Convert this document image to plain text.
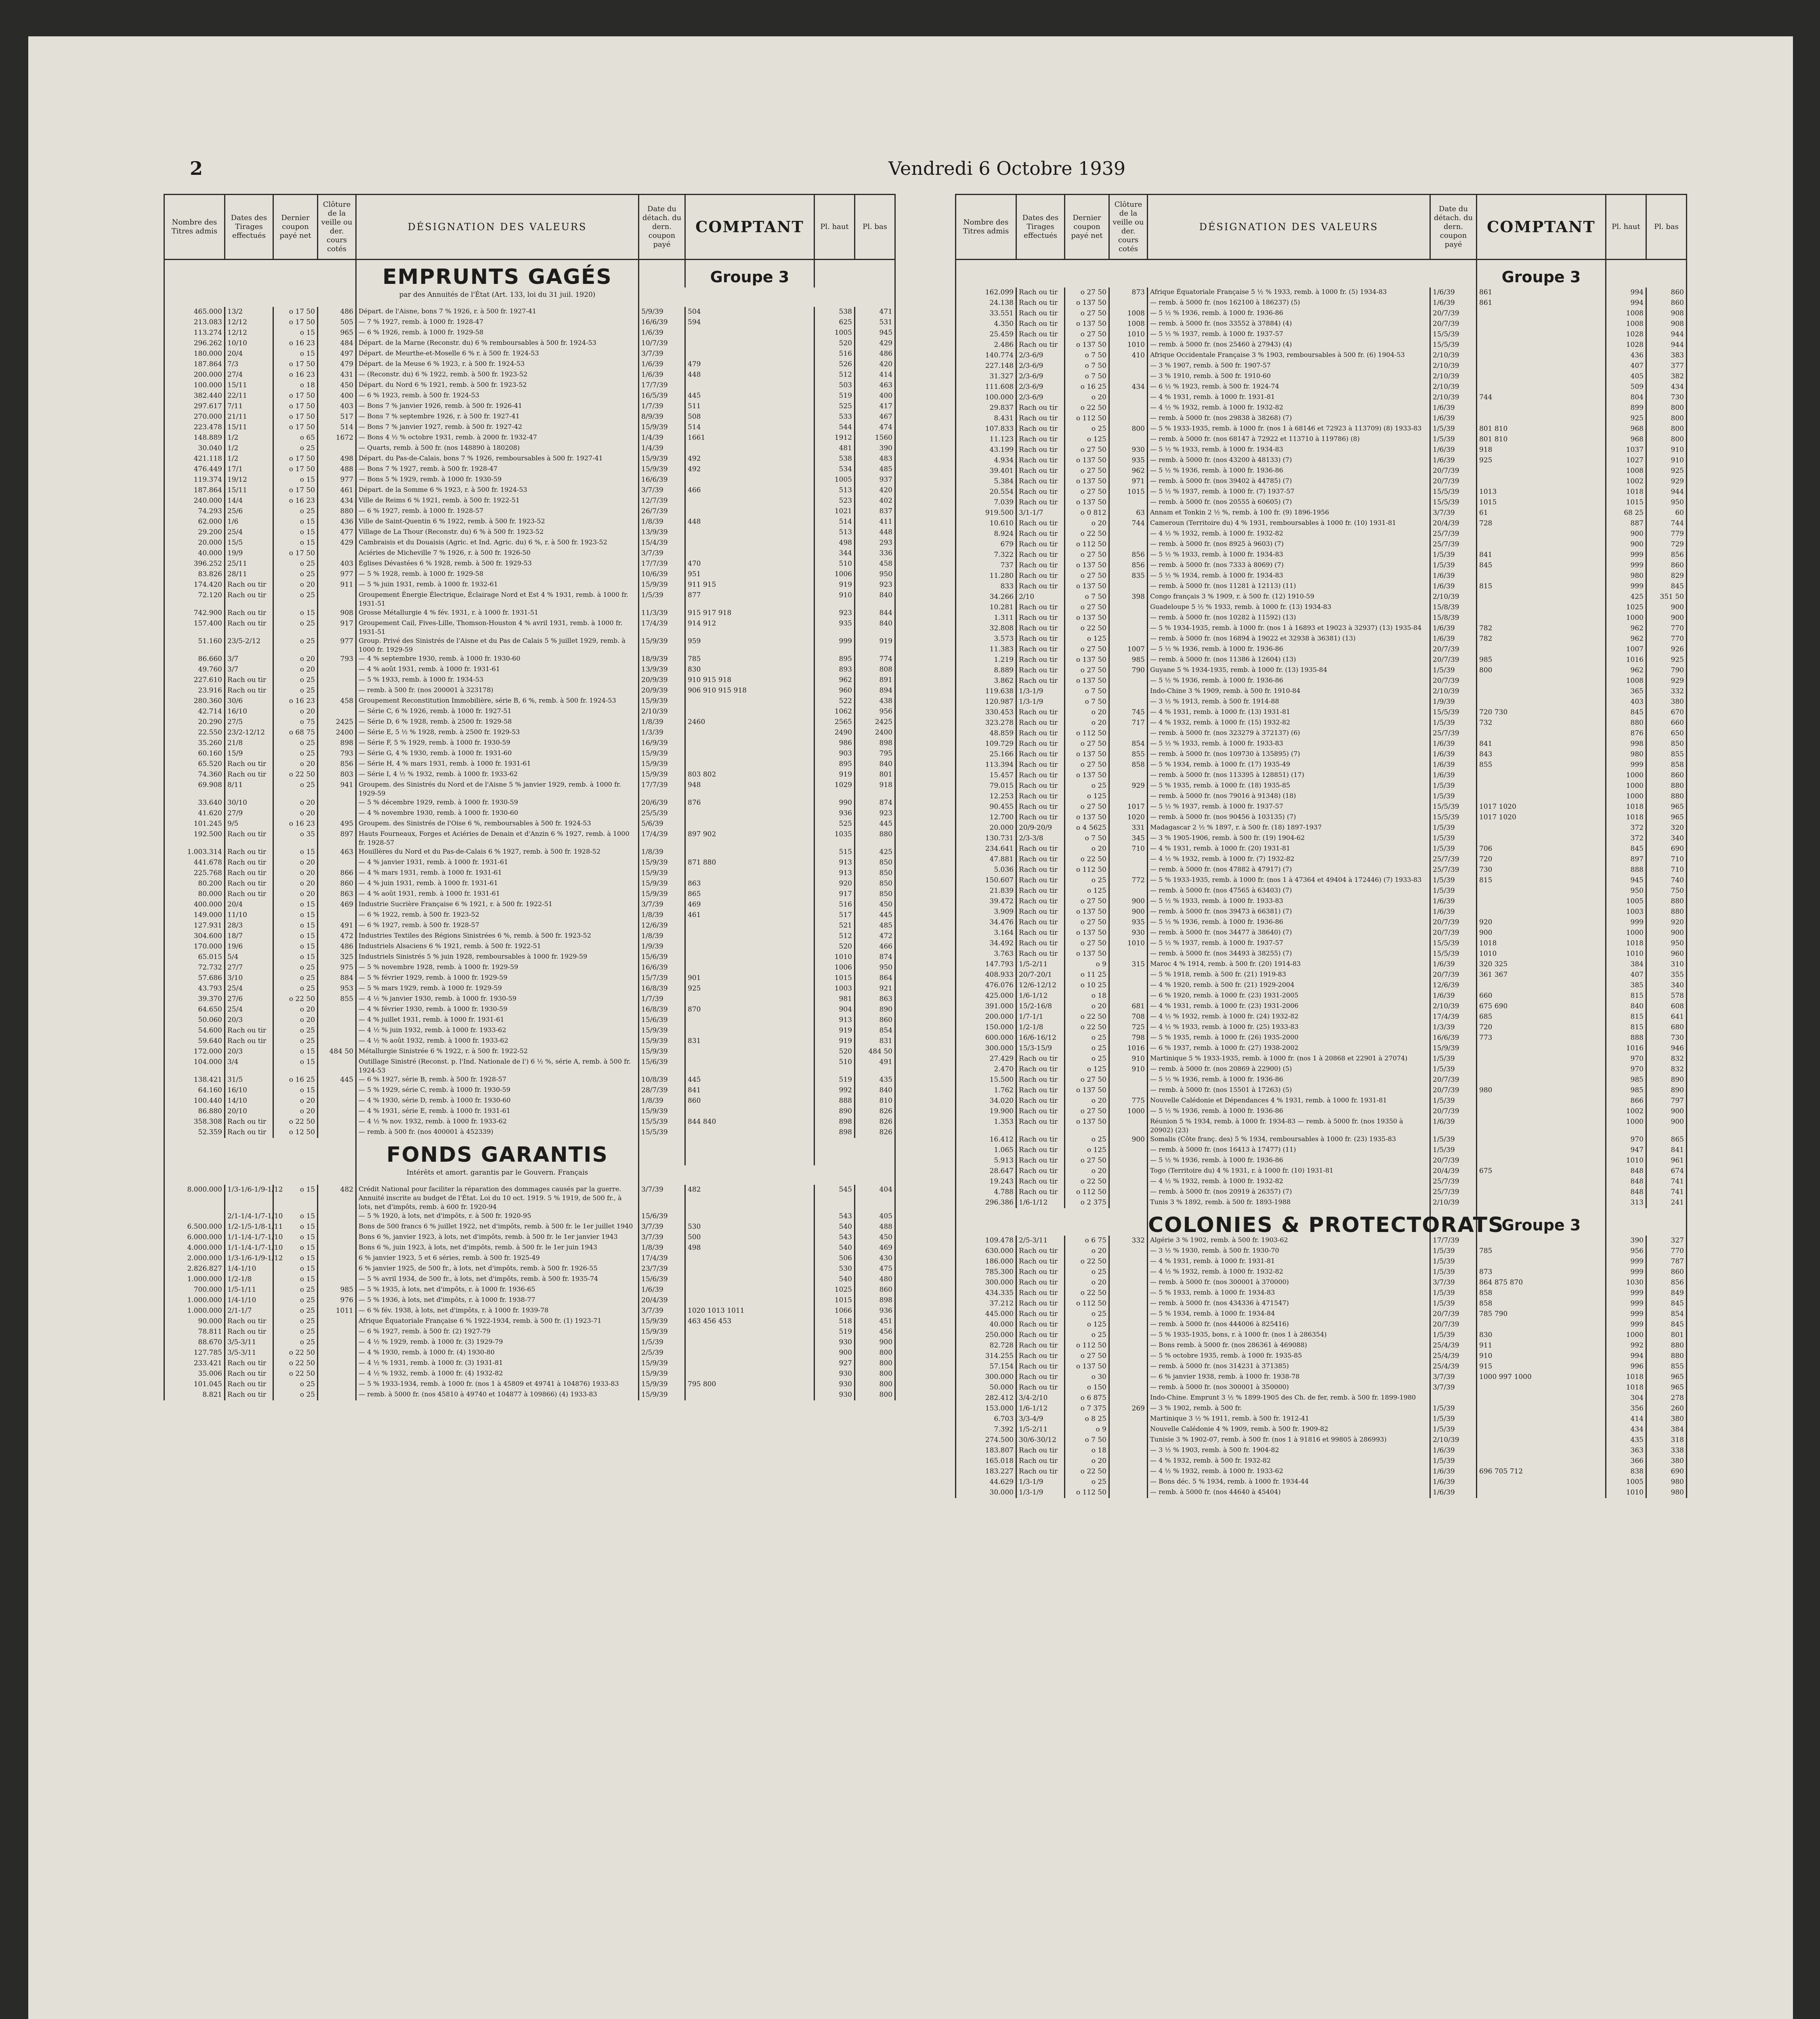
2	Vendredi 6 Octobre 1939
Nombre des Titres admis	Dates des Tirages effectués	Dernier coupon payé net	Clôture de la veille ou der. cours cotés	DÉSIGNATION DES VALEURS	Date du détach. du dern. coupon payé	COMPTANT	Pl. haut	Pl. bas
				EMPRUNTS GAGÉS		Groupe 3		
				par des Annuités de l'État (Art. 133, loi du 31 juil. 1920)				
465.000	13/2	o 17 50	486	Départ. de l'Aisne, bons 7 % 1926, r. à 500 fr. 1927-41	5/9/39	504	538	471
213.083	12/12	o 17 50	505	— 7 % 1927, remb. à 1000 fr. 1928-47	16/6/39	594	625	531
113.274	12/12	o 15	965	— 6 % 1926, remb. à 1000 fr. 1929-58	1/6/39		1005	945
296.262	10/10	o 16 23	484	Départ. de la Marne (Reconstr. du) 6 % remboursables à 500 fr. 1924-53	10/7/39		520	429
180.000	20/4	o 15	497	Départ. de Meurthe-et-Moselle 6 % r. à 500 fr. 1924-53	3/7/39		516	486
187.864	7/3	o 17 50	479	Départ. de la Meuse 6 % 1923, r. à 500 fr. 1924-53	1/6/39	479	526	420
200.000	27/4	o 16 23	431	— (Reconstr. du) 6 % 1922, remb. à 500 fr. 1923-52	1/6/39	448	512	414
100.000	15/11	o 18	450	Départ. du Nord 6 % 1921, remb. à 500 fr. 1923-52	17/7/39		503	463
382.440	22/11	o 17 50	400	— 6 % 1923, remb. à 500 fr. 1924-53	16/5/39	445	519	400
297.617	7/11	o 17 50	403	— Bons 7 % janvier 1926, remb. à 500 fr. 1926-41	1/7/39	511	525	417
270.000	21/11	o 17 50	517	— Bons 7 % septembre 1926, r. à 500 fr. 1927-41	8/9/39	508	533	467
223.478	15/11	o 17 50	514	— Bons 7 % janvier 1927, remb. à 500 fr. 1927-42	15/9/39	514	544	474
148.889	1/2	o 65	1672	— Bons 4 ½ % octobre 1931, remb. à 2000 fr. 1932-47	1/4/39	1661	1912	1560
30.040	1/2	o 25		— Quarts, remb. à 500 fr. (nos 148890 à 180208)	1/4/39		481	390
421.118	1/2	o 17 50	498	Départ. du Pas-de-Calais, bons 7 % 1926, remboursables à 500 fr. 1927-41	15/9/39	492	538	483
476.449	17/1	o 17 50	488	— Bons 7 % 1927, remb. à 500 fr. 1928-47	15/9/39	492	534	485
119.374	19/12	o 15	977	— Bons 5 % 1929, remb. à 1000 fr. 1930-59	16/6/39		1005	937
187.864	15/11	o 17 50	461	Départ. de la Somme 6 % 1923, r. à 500 fr. 1924-53	3/7/39	466	513	420
240.000	14/4	o 16 23	434	Ville de Reims 6 % 1921, remb. à 500 fr. 1922-51	12/7/39		523	402
74.293	25/6	o 25	880	— 6 % 1927, remb. à 1000 fr. 1928-57	26/7/39		1021	837
62.000	1/6	o 15	436	Ville de Saint-Quentin 6 % 1922, remb. à 500 fr. 1923-52	1/8/39	448	514	411
29.200	25/4	o 15	477	Village de La Thour (Reconstr. du) 6 % à 500 fr. 1923-52	13/9/39		513	448
20.000	15/5	o 15	429	Cambraisis et du Douaisis (Agric. et Ind. Agric. du) 6 %, r. à 500 fr. 1923-52	15/4/39		498	293
40.000	19/9	o 17 50		Aciéries de Micheville 7 % 1926, r. à 500 fr. 1926-50	3/7/39		344	336
396.252	25/11	o 25	403	Églises Dévastées 6 % 1928, remb. à 500 fr. 1929-53	17/7/39	470	510	458
83.826	28/11	o 25	977	— 5 % 1928, remb. à 1000 fr. 1929-58	10/6/39	951	1006	950
174.420	Rach ou tir	o 20	911	— 5 % juin 1931, remb. à 1000 fr. 1932-61	15/9/39	911 915	919	923
72.120	Rach ou tir	o 25		Groupement Énergie Électrique, Éclairage Nord et Est 4 % 1931, remb. à 1000 fr. 1931-51	1/5/39	877	910	840
742.900	Rach ou tir	o 15	908	Grosse Métallurgie 4 % fév. 1931, r. à 1000 fr. 1931-51	11/3/39	915 917 918	923	844
157.400	Rach ou tir	o 25	917	Groupement Cail, Fives-Lille, Thomson-Houston 4 % avril 1931, remb. à 1000 fr. 1931-51	17/4/39	914 912	935	840
51.160	23/5-2/12	o 25	977	Group. Privé des Sinistrés de l'Aisne et du Pas de Calais 5 % juillet 1929, remb. à 1000 fr. 1929-59	15/9/39	959	999	919
86.660	3/7	o 20	793	— 4 % septembre 1930, remb. à 1000 fr. 1930-60	18/9/39	785	895	774
49.760	3/7	o 20		— 4 % août 1931, remb. à 1000 fr. 1931-61	13/9/39	830	893	808
227.610	Rach ou tir	o 25		— 5 % 1933, remb. à 1000 fr. 1934-53	20/9/39	910 915 918	962	891
23.916	Rach ou tir	o 25		— remb. à 500 fr. (nos 200001 à 323178)	20/9/39	906 910 915 918	960	894
280.360	30/6	o 16 23	458	Groupement Reconstitution Immobilière, série B, 6 %, remb. à 500 fr. 1924-53	15/9/39		522	438
42.714	16/10	o 20		— Série C, 6 % 1926, remb. à 1000 fr. 1927-51	2/10/39		1062	956
20.290	27/5	o 75	2425	— Série D, 6 % 1928, remb. à 2500 fr. 1929-58	1/8/39	2460	2565	2425
22.550	23/2-12/12	o 68 75	2400	— Série E, 5 ½ % 1928, remb. à 2500 fr. 1929-53	1/3/39		2490	2400
35.260	21/8	o 25	898	— Série F, 5 % 1929, remb. à 1000 fr. 1930-59	16/9/39		986	898
60.160	15/9	o 25	793	— Série G, 4 % 1930, remb. à 1000 fr. 1931-60	15/9/39		903	795
65.520	Rach ou tir	o 20	856	— Série H, 4 % mars 1931, remb. à 1000 fr. 1931-61	15/9/39		895	840
74.360	Rach ou tir	o 22 50	803	— Série I, 4 ½ % 1932, remb. à 1000 fr. 1933-62	15/9/39	803 802	919	801
69.908	8/11	o 25	941	Groupem. des Sinistrés du Nord et de l'Aisne 5 % janvier 1929, remb. à 1000 fr. 1929-59	17/7/39	948	1029	918
33.640	30/10	o 20		— 5 % décembre 1929, remb. à 1000 fr. 1930-59	20/6/39	876	990	874
41.620	27/9	o 20		— 4 % novembre 1930, remb. à 1000 fr. 1930-60	25/5/39		936	923
101.245	9/5	o 16 23	495	Groupem. des Sinistrés de l'Oise 6 %, remboursables à 500 fr. 1924-53	5/6/39		525	445
192.500	Rach ou tir	o 35	897	Hauts Fourneaux, Forges et Aciéries de Denain et d'Anzin 6 % 1927, remb. à 1000 fr. 1928-57	17/4/39	897 902	1035	880
1.003.314	Rach ou tir	o 15	463	Houillères du Nord et du Pas-de-Calais 6 % 1927, remb. à 500 fr. 1928-52	1/8/39		515	425
441.678	Rach ou tir	o 20		— 4 % janvier 1931, remb. à 1000 fr. 1931-61	15/9/39	871 880	913	850
225.768	Rach ou tir	o 20	866	— 4 % mars 1931, remb. à 1000 fr. 1931-61	15/9/39		913	850
80.200	Rach ou tir	o 20	860	— 4 % juin 1931, remb. à 1000 fr. 1931-61	15/9/39	863	920	850
80.000	Rach ou tir	o 20	863	— 4 % août 1931, remb. à 1000 fr. 1931-61	15/9/39	865	917	850
400.000	20/4	o 15	469	Industrie Sucrière Française 6 % 1921, r. à 500 fr. 1922-51	3/7/39	469	516	450
149.000	11/10	o 15		— 6 % 1922, remb. à 500 fr. 1923-52	1/8/39	461	517	445
127.931	28/3	o 15	491	— 6 % 1927, remb. à 500 fr. 1928-57	12/6/39		521	485
304.600	18/7	o 15	472	Industries Textiles des Régions Sinistrées 6 %, remb. à 500 fr. 1923-52	1/8/39		512	472
170.000	19/6	o 15	486	Industriels Alsaciens 6 % 1921, remb. à 500 fr. 1922-51	1/9/39		520	466
65.015	5/4	o 15	325	Industriels Sinistrés 5 % juin 1928, remboursables à 1000 fr. 1929-59	15/6/39		1010	874
72.732	27/7	o 25	975	— 5 % novembre 1928, remb. à 1000 fr. 1929-59	16/6/39		1006	950
57.686	3/10	o 25	884	— 5 % février 1929, remb. à 1000 fr. 1929-59	15/7/39	901	1015	864
43.793	25/4	o 25	953	— 5 % mars 1929, remb. à 1000 fr. 1929-59	16/8/39	925	1003	921
39.370	27/6	o 22 50	855	— 4 ½ % janvier 1930, remb. à 1000 fr. 1930-59	1/7/39		981	863
64.650	25/4	o 20		— 4 % février 1930, remb. à 1000 fr. 1930-59	16/8/39	870	904	890
50.060	20/3	o 20		— 4 % juillet 1931, remb. à 1000 fr. 1931-61	15/6/39		913	860
54.600	Rach ou tir	o 25		— 4 ½ % juin 1932, remb. à 1000 fr. 1933-62	15/9/39		919	854
59.640	Rach ou tir	o 25		— 4 ½ % août 1932, remb. à 1000 fr. 1933-62	15/9/39	831	919	831
172.000	20/3	o 15	484 50	Métallurgie Sinistrée 6 % 1922, r. à 500 fr. 1922-52	15/9/39		520	484 50
104.000	3/4	o 15		Outillage Sinistré (Reconst. p. l'Ind. Nationale de l') 6 ½ %, série A, remb. à 500 fr. 1924-53	15/6/39		510	491
138.421	31/5	o 16 25	445	— 6 % 1927, série B, remb. à 500 fr. 1928-57	10/8/39	445	519	435
64.160	16/10	o 15		— 5 % 1929, série C, remb. à 1000 fr. 1930-59	28/7/39	841	992	840
100.440	14/10	o 20		— 4 % 1930, série D, remb. à 1000 fr. 1930-60	1/8/39	860	888	810
86.880	20/10	o 20		— 4 % 1931, série E, remb. à 1000 fr. 1931-61	15/9/39		890	826
358.308	Rach ou tir	o 22 50		— 4 ½ % nov. 1932, remb. à 1000 fr. 1933-62	15/5/39	844 840	898	826
52.359	Rach ou tir	o 12 50		— remb. à 500 fr. (nos 400001 à 452339)	15/5/39		898	826
				FONDS GARANTIS				
				Intérêts et amort. garantis par le Gouvern. Français				
8.000.000	1/3-1/6-1/9-1/12	o 15	482	Crédit National pour faciliter la réparation des dommages causés par la guerre. Annuité inscrite au budget de l'État. Loi du 10 oct. 1919. 5 % 1919, de 500 fr., à lots, net d'impôts, remb. à 600 fr. 1920-94	3/7/39	482	545	404
	2/1-1/4-1/7-1/10	o 15		— 5 % 1920, à lots, net d'impôts, r. à 500 fr. 1920-95	15/6/39		543	405
6.500.000	1/2-1/5-1/8-1/11	o 15		Bons de 500 francs 6 % juillet 1922, net d'impôts, remb. à 500 fr. le 1er juillet 1940	3/7/39	530	540	488
6.000.000	1/1-1/4-1/7-1/10	o 15		Bons 6 %, janvier 1923, à lots, net d'impôts, remb. à 500 fr. le 1er janvier 1943	3/7/39	500	543	450
4.000.000	1/1-1/4-1/7-1/10	o 15		Bons 6 %, juin 1923, à lots, net d'impôts, remb. à 500 fr. le 1er juin 1943	1/8/39	498	540	469
2.000.000	1/3-1/6-1/9-1/12	o 15		6 % janvier 1923, 5 et 6 séries, remb. à 500 fr. 1925-49	17/4/39		506	430
2.826.827	1/4-1/10	o 15		6 % janvier 1925, de 500 fr., à lots, net d'impôts, remb. à 500 fr. 1926-55	23/7/39		530	475
1.000.000	1/2-1/8	o 15		— 5 % avril 1934, de 500 fr., à lots, net d'impôts, remb. à 500 fr. 1935-74	15/6/39		540	480
700.000	1/5-1/11	o 25	985	— 5 % 1935, à lots, net d'impôts, r. à 1000 fr. 1936-65	1/6/39		1025	860
1.000.000	1/4-1/10	o 25	976	— 5 % 1936, à lots, net d'impôts, r. à 1000 fr. 1938-77	20/4/39		1015	898
1.000.000	2/1-1/7	o 25	1011	— 6 % fév. 1938, à lots, net d'impôts, r. à 1000 fr. 1939-78	3/7/39	1020 1013 1011	1066	936
90.000	Rach ou tir	o 25		Afrique Équatoriale Française 6 % 1922-1934, remb. à 500 fr. (1) 1923-71	15/9/39	463 456 453	518	451
78.811	Rach ou tir	o 25		— 6 % 1927, remb. à 500 fr. (2) 1927-79	15/9/39		519	456
88.670	3/5-3/11	o 25		— 4 ½ % 1929, remb. à 1000 fr. (3) 1929-79	1/5/39		930	900
127.785	3/5-3/11	o 22 50		— 4 % 1930, remb. à 1000 fr. (4) 1930-80	2/5/39		900	800
233.421	Rach ou tir	o 22 50		— 4 ½ % 1931, remb. à 1000 fr. (3) 1931-81	15/9/39		927	800
35.006	Rach ou tir	o 22 50		— 4 ½ % 1932, remb. à 1000 fr. (4) 1932-82	15/9/39		930	800
101.045	Rach ou tir	o 25		— 5 % 1933-1934, remb. à 1000 fr. (nos 1 à 45809 et 49741 à 104876) 1933-83	15/9/39	795 800	930	800
8.821	Rach ou tir	o 25		— remb. à 5000 fr. (nos 45810 à 49740 et 104877 à 109866) (4) 1933-83	15/9/39		930	800
Nombre des Titres admis	Dates des Tirages effectués	Dernier coupon payé net	Clôture de la veille ou der. cours cotés	DÉSIGNATION DES VALEURS	Date du détach. du dern. coupon payé	COMPTANT	Pl. haut	Pl. bas
						Groupe 3		
162.099	Rach ou tir	o 27 50	873	Afrique Équatoriale Française 5 ½ % 1933, remb. à 1000 fr. (5) 1934-83	1/6/39	861	994	860
24.138	Rach ou tir	o 137 50		— remb. à 5000 fr. (nos 162100 à 186237) (5)	1/6/39	861	994	860
33.551	Rach ou tir	o 27 50	1008	— 5 ½ % 1936, remb. à 1000 fr. 1936-86	20/7/39		1008	908
4.350	Rach ou tir	o 137 50	1008	— remb. à 5000 fr. (nos 33552 à 37884) (4)	20/7/39		1008	908
25.459	Rach ou tir	o 27 50	1010	— 5 ½ % 1937, remb. à 1000 fr. 1937-57	15/5/39		1028	944
2.486	Rach ou tir	o 137 50	1010	— remb. à 5000 fr. (nos 25460 à 27943) (4)	15/5/39		1028	944
140.774	2/3-6/9	o 7 50	410	Afrique Occidentale Française 3 % 1903, remboursables à 500 fr. (6) 1904-53	2/10/39		436	383
227.148	2/3-6/9	o 7 50		— 3 % 1907, remb. à 500 fr. 1907-57	2/10/39		407	377
31.327	2/3-6/9	o 7 50		— 3 % 1910, remb. à 500 fr. 1910-60	2/10/39		405	382
111.608	2/3-6/9	o 16 25	434	— 6 ½ % 1923, remb. à 500 fr. 1924-74	2/10/39		509	434
100.000	2/3-6/9	o 20		— 4 % 1931, remb. à 1000 fr. 1931-81	2/10/39	744	804	730
29.837	Rach ou tir	o 22 50		— 4 ½ % 1932, remb. à 1000 fr. 1932-82	1/6/39		899	800
8.431	Rach ou tir	o 112 50		— remb. à 5000 fr. (nos 29838 à 38268) (7)	1/6/39		925	800
107.833	Rach ou tir	o 25	800	— 5 % 1933-1935, remb. à 1000 fr. (nos 1 à 68146 et 72923 à 113709) (8) 1933-83	1/5/39	801 810	968	800
11.123	Rach ou tir	o 125		— remb. à 5000 fr. (nos 68147 à 72922 et 113710 à 119786) (8)	1/5/39	801 810	968	800
43.199	Rach ou tir	o 27 50	930	— 5 ½ % 1933, remb. à 1000 fr. 1934-83	1/6/39	918	1037	910
4.934	Rach ou tir	o 137 50	935	— remb. à 5000 fr. (nos 43200 à 48133) (7)	1/6/39	925	1027	910
39.401	Rach ou tir	o 27 50	962	— 5 ½ % 1936, remb. à 1000 fr. 1936-86	20/7/39		1008	925
5.384	Rach ou tir	o 137 50	971	— remb. à 5000 fr. (nos 39402 à 44785) (7)	20/7/39		1002	929
20.554	Rach ou tir	o 27 50	1015	— 5 ½ % 1937, remb. à 1000 fr. (7) 1937-57	15/5/39	1013	1018	944
7.039	Rach ou tir	o 137 50		— remb. à 5000 fr. (nos 20555 à 60605) (7)	15/5/39	1015	1015	950
919.500	3/1-1/7	o 0 812	63	Annam et Tonkin 2 ½ %, remb. à 100 fr. (9) 1896-1956	3/7/39	61	68 25	60
10.610	Rach ou tir	o 20	744	Cameroun (Territoire du) 4 % 1931, remboursables à 1000 fr. (10) 1931-81	20/4/39	728	887	744
8.924	Rach ou tir	o 22 50		— 4 ½ % 1932, remb. à 1000 fr. 1932-82	25/7/39		900	779
679	Rach ou tir	o 112 50		— remb. à 5000 fr. (nos 8925 à 9603) (7)	25/7/39		900	729
7.322	Rach ou tir	o 27 50	856	— 5 ½ % 1933, remb. à 1000 fr. 1934-83	1/5/39	841	999	856
737	Rach ou tir	o 137 50	856	— remb. à 5000 fr. (nos 7333 à 8069) (7)	1/5/39	845	999	860
11.280	Rach ou tir	o 27 50	835	— 5 ½ % 1934, remb. à 1000 fr. 1934-83	1/6/39		980	829
833	Rach ou tir	o 137 50		— remb. à 5000 fr. (nos 11281 à 12113) (11)	1/6/39	815	999	845
34.266	2/10	o 7 50	398	Congo français 3 % 1909, r. à 500 fr. (12) 1910-59	2/10/39		425	351 50
10.281	Rach ou tir	o 27 50		Guadeloupe 5 ½ % 1933, remb. à 1000 fr. (13) 1934-83	15/8/39		1025	900
1.311	Rach ou tir	o 137 50		— remb. à 5000 fr. (nos 10282 à 11592) (13)	15/8/39		1000	900
32.808	Rach ou tir	o 22 50		— 5 % 1934-1935, remb. à 1000 fr. (nos 1 à 16893 et 19023 à 32937) (13) 1935-84	1/6/39	782	962	770
3.573	Rach ou tir	o 125		— remb. à 5000 fr. (nos 16894 à 19022 et 32938 à 36381) (13)	1/6/39	782	962	770
11.383	Rach ou tir	o 27 50	1007	— 5 ½ % 1936, remb. à 1000 fr. 1936-86	20/7/39		1007	926
1.219	Rach ou tir	o 137 50	985	— remb. à 5000 fr. (nos 11386 à 12604) (13)	20/7/39	985	1016	925
8.889	Rach ou tir	o 27 50	790	Guyane 5 % 1934-1935, remb. à 1000 fr. (13) 1935-84	1/5/39	800	962	790
3.862	Rach ou tir	o 137 50		— 5 ½ % 1936, remb. à 1000 fr. 1936-86	20/7/39		1008	929
119.638	1/3-1/9	o 7 50		Indo-Chine 3 % 1909, remb. à 500 fr. 1910-84	2/10/39		365	332
120.987	1/3-1/9	o 7 50		— 3 ½ % 1913, remb. à 500 fr. 1914-88	1/9/39		403	380
330.453	Rach ou tir	o 20	745	— 4 % 1931, remb. à 1000 fr. (13) 1931-81	15/5/39	720 730	845	670
323.278	Rach ou tir	o 20	717	— 4 % 1932, remb. à 1000 fr. (15) 1932-82	1/5/39	732	880	660
48.859	Rach ou tir	o 112 50		— remb. à 5000 fr. (nos 323279 à 372137) (6)	25/7/39		876	650
109.729	Rach ou tir	o 27 50	854	— 5 ½ % 1933, remb. à 1000 fr. 1933-83	1/6/39	841	998	850
25.166	Rach ou tir	o 137 50	855	— remb. à 5000 fr. (nos 109730 à 135895) (7)	1/6/39	843	980	855
113.394	Rach ou tir	o 27 50	858	— 5 % 1934, remb. à 1000 fr. (17) 1935-49	1/6/39	855	999	858
15.457	Rach ou tir	o 137 50		— remb. à 5000 fr. (nos 113395 à 128851) (17)	1/6/39		1000	860
79.015	Rach ou tir	o 25	929	— 5 % 1935, remb. à 1000 fr. (18) 1935-85	1/5/39		1000	880
12.253	Rach ou tir	o 125		— remb. à 5000 fr. (nos 79016 à 91348) (18)	1/5/39		1000	880
90.455	Rach ou tir	o 27 50	1017	— 5 ½ % 1937, remb. à 1000 fr. 1937-57	15/5/39	1017 1020	1018	965
12.700	Rach ou tir	o 137 50	1020	— remb. à 5000 fr. (nos 90456 à 103135) (7)	15/5/39	1017 1020	1018	965
20.000	20/9-20/9	o 4 5625	331	Madagascar 2 ½ % 1897, r. à 500 fr. (18) 1897-1937	1/5/39		372	320
130.731	2/3-3/8	o 7 50	345	— 3 % 1905-1906, remb. à 500 fr. (19) 1904-62	1/5/39		372	340
234.641	Rach ou tir	o 20	710	— 4 % 1931, remb. à 1000 fr. (20) 1931-81	1/5/39	706	845	690
47.881	Rach ou tir	o 22 50		— 4 ½ % 1932, remb. à 1000 fr. (7) 1932-82	25/7/39	720	897	710
5.036	Rach ou tir	o 112 50		— remb. à 5000 fr. (nos 47882 à 47917) (7)	25/7/39	730	888	710
150.607	Rach ou tir	o 25	772	— 5 % 1933-1935, remb. à 1000 fr. (nos 1 à 47364 et 49404 à 172446) (7) 1933-83	1/5/39	815	945	740
21.839	Rach ou tir	o 125		— remb. à 5000 fr. (nos 47565 à 63403) (7)	1/5/39		950	750
39.472	Rach ou tir	o 27 50	900	— 5 ½ % 1933, remb. à 1000 fr. 1933-83	1/6/39		1005	880
3.909	Rach ou tir	o 137 50	900	— remb. à 5000 fr. (nos 39473 à 66381) (7)	1/6/39		1003	880
34.476	Rach ou tir	o 27 50	935	— 5 ½ % 1936, remb. à 1000 fr. 1936-86	20/7/39	920	999	920
3.164	Rach ou tir	o 137 50	930	— remb. à 5000 fr. (nos 34477 à 38640) (7)	20/7/39	900	1000	900
34.492	Rach ou tir	o 27 50	1010	— 5 ½ % 1937, remb. à 1000 fr. 1937-57	15/5/39	1018	1018	950
3.763	Rach ou tir	o 137 50		— remb. à 5000 fr. (nos 34493 à 38255) (7)	15/5/39	1010	1010	960
147.793	1/5-2/11	o 9	315	Maroc 4 % 1914, remb. à 500 fr. (20) 1914-83	1/6/39	320 325	384	310
408.933	20/7-20/1	o 11 25		— 5 % 1918, remb. à 500 fr. (21) 1919-83	20/7/39	361 367	407	355
476.076	12/6-12/12	o 10 25		— 4 % 1920, remb. à 500 fr. (21) 1929-2004	12/6/39		385	340
425.000	1/6-1/12	o 18		— 6 % 1920, remb. à 1000 fr. (23) 1931-2005	1/6/39	660	815	578
391.000	15/2-16/8	o 20	681	— 4 % 1931, remb. à 1000 fr. (23) 1931-2006	2/10/39	675 690	840	608
200.000	1/7-1/1	o 22 50	708	— 4 ½ % 1932, remb. à 1000 fr. (24) 1932-82	17/4/39	685	815	641
150.000	1/2-1/8	o 22 50	725	— 4 ½ % 1933, remb. à 1000 fr. (25) 1933-83	1/3/39	720	815	680
600.000	16/6-16/12	o 25	798	— 5 % 1935, remb. à 1000 fr. (26) 1935-2000	16/6/39	773	888	730
300.000	15/3-15/9	o 25	1016	— 6 % 1937, remb. à 1000 fr. (27) 1938-2002	15/9/39		1016	946
27.429	Rach ou tir	o 25	910	Martinique 5 % 1933-1935, remb. à 1000 fr. (nos 1 à 20868 et 22901 à 27074)	1/5/39		970	832
2.470	Rach ou tir	o 125	910	— remb. à 5000 fr. (nos 20869 à 22900) (5)	1/5/39		970	832
15.500	Rach ou tir	o 27 50		— 5 ½ % 1936, remb. à 1000 fr. 1936-86	20/7/39		985	890
1.762	Rach ou tir	o 137 50		— remb. à 5000 fr. (nos 15501 à 17263) (5)	20/7/39	980	985	890
34.020	Rach ou tir	o 20	775	Nouvelle Calédonie et Dépendances 4 % 1931, remb. à 1000 fr. 1931-81	1/5/39		866	797
19.900	Rach ou tir	o 27 50	1000	— 5 ½ % 1936, remb. à 1000 fr. 1936-86	20/7/39		1002	900
1.353	Rach ou tir	o 137 50		Réunion 5 % 1934, remb. à 1000 fr. 1934-83 — remb. à 5000 fr. (nos 19350 à 20902) (23)	1/6/39		1000	900
16.412	Rach ou tir	o 25	900	Somalis (Côte franç. des) 5 % 1934, remboursables à 1000 fr. (23) 1935-83	1/5/39		970	865
1.065	Rach ou tir	o 125		— remb. à 5000 fr. (nos 16413 à 17477) (11)	1/5/39		947	841
5.913	Rach ou tir	o 27 50		— 5 ½ % 1936, remb. à 1000 fr. 1936-86	20/7/39		1010	961
28.647	Rach ou tir	o 20		Togo (Territoire du) 4 % 1931, r. à 1000 fr. (10) 1931-81	20/4/39	675	848	674
19.243	Rach ou tir	o 22 50		— 4 ½ % 1932, remb. à 1000 fr. 1932-82	25/7/39		848	741
4.788	Rach ou tir	o 112 50		— remb. à 5000 fr. (nos 20919 à 26357) (7)	25/7/39		848	741
296.386	1/6-1/12	o 2 375		Tunis 3 % 1892, remb. à 500 fr. 1893-1988	2/10/39		313	241
				COLONIES & PROTECTORATS		Groupe 3		
109.478	2/5-3/11	o 6 75	332	Algérie 3 % 1902, remb. à 500 fr. 1903-62	17/7/39		390	327
630.000	Rach ou tir	o 20		— 3 ½ % 1930, remb. à 500 fr. 1930-70	1/5/39	785	956	770
186.000	Rach ou tir	o 22 50		— 4 % 1931, remb. à 1000 fr. 1931-81	1/5/39		999	787
785.300	Rach ou tir	o 25		— 4 ½ % 1932, remb. à 1000 fr. 1932-82	1/5/39	873	999	860
300.000	Rach ou tir	o 20		— remb. à 5000 fr. (nos 300001 à 370000)	3/7/39	864 875 870	1030	856
434.335	Rach ou tir	o 22 50		— 5 % 1933, remb. à 1000 fr. 1934-83	1/5/39	858	999	849
37.212	Rach ou tir	o 112 50		— remb. à 5000 fr. (nos 434336 à 471547)	1/5/39	858	999	845
445.000	Rach ou tir	o 25		— 5 % 1934, remb. à 1000 fr. 1934-84	20/7/39	785 790	999	854
40.000	Rach ou tir	o 125		— remb. à 5000 fr. (nos 444006 à 825416)	20/7/39		999	845
250.000	Rach ou tir	o 25		— 5 % 1935-1935, bons, r. à 1000 fr. (nos 1 à 286354)	1/5/39	830	1000	801
82.728	Rach ou tir	o 112 50		— Bons remb. à 5000 fr. (nos 286361 à 469088)	25/4/39	911	992	880
314.255	Rach ou tir	o 27 50		— 5 % octobre 1935, remb. à 1000 fr. 1935-85	25/4/39	910	994	880
57.154	Rach ou tir	o 137 50		— remb. à 5000 fr. (nos 314231 à 371385)	25/4/39	915	996	855
300.000	Rach ou tir	o 30		— 6 % janvier 1938, remb. à 1000 fr. 1938-78	3/7/39	1000 997 1000	1018	965
50.000	Rach ou tir	o 150		— remb. à 5000 fr. (nos 300001 à 350000)	3/7/39		1018	965
282.412	3/4-2/10	o 6 875		Indo-Chine. Emprunt 3 ½ % 1899-1905 des Ch. de fer, remb. à 500 fr. 1899-1980			304	278
153.000	1/6-1/12	o 7 375	269	— 3 % 1902, remb. à 500 fr.	1/5/39		356	260
6.703	3/3-4/9	o 8 25		Martinique 3 ½ % 1911, remb. à 500 fr. 1912-41	1/5/39		414	380
7.392	1/5-2/11	o 9		Nouvelle Calédonie 4 % 1909, remb. à 500 fr. 1909-82	1/5/39		434	384
274.500	30/6-30/12	o 7 50		Tunisie 3 % 1902-07, remb. à 500 fr. (nos 1 à 91816 et 99805 à 286993)	2/10/39		435	318
183.807	Rach ou tir	o 18		— 3 ½ % 1903, remb. à 500 fr. 1904-82	1/6/39		363	338
165.018	Rach ou tir	o 20		— 4 % 1932, remb. à 500 fr. 1932-82	1/5/39		366	380
183.227	Rach ou tir	o 22 50		— 4 ½ % 1932, remb. à 1000 fr. 1933-62	1/6/39	696 705 712	838	690
44.629	1/3-1/9	o 25		— Bons déc. 5 % 1934, remb. à 1000 fr. 1934-44	1/6/39		1005	980
30.000	1/3-1/9	o 112 50		— remb. à 5000 fr. (nos 44640 à 45404)	1/6/39		1010	980
